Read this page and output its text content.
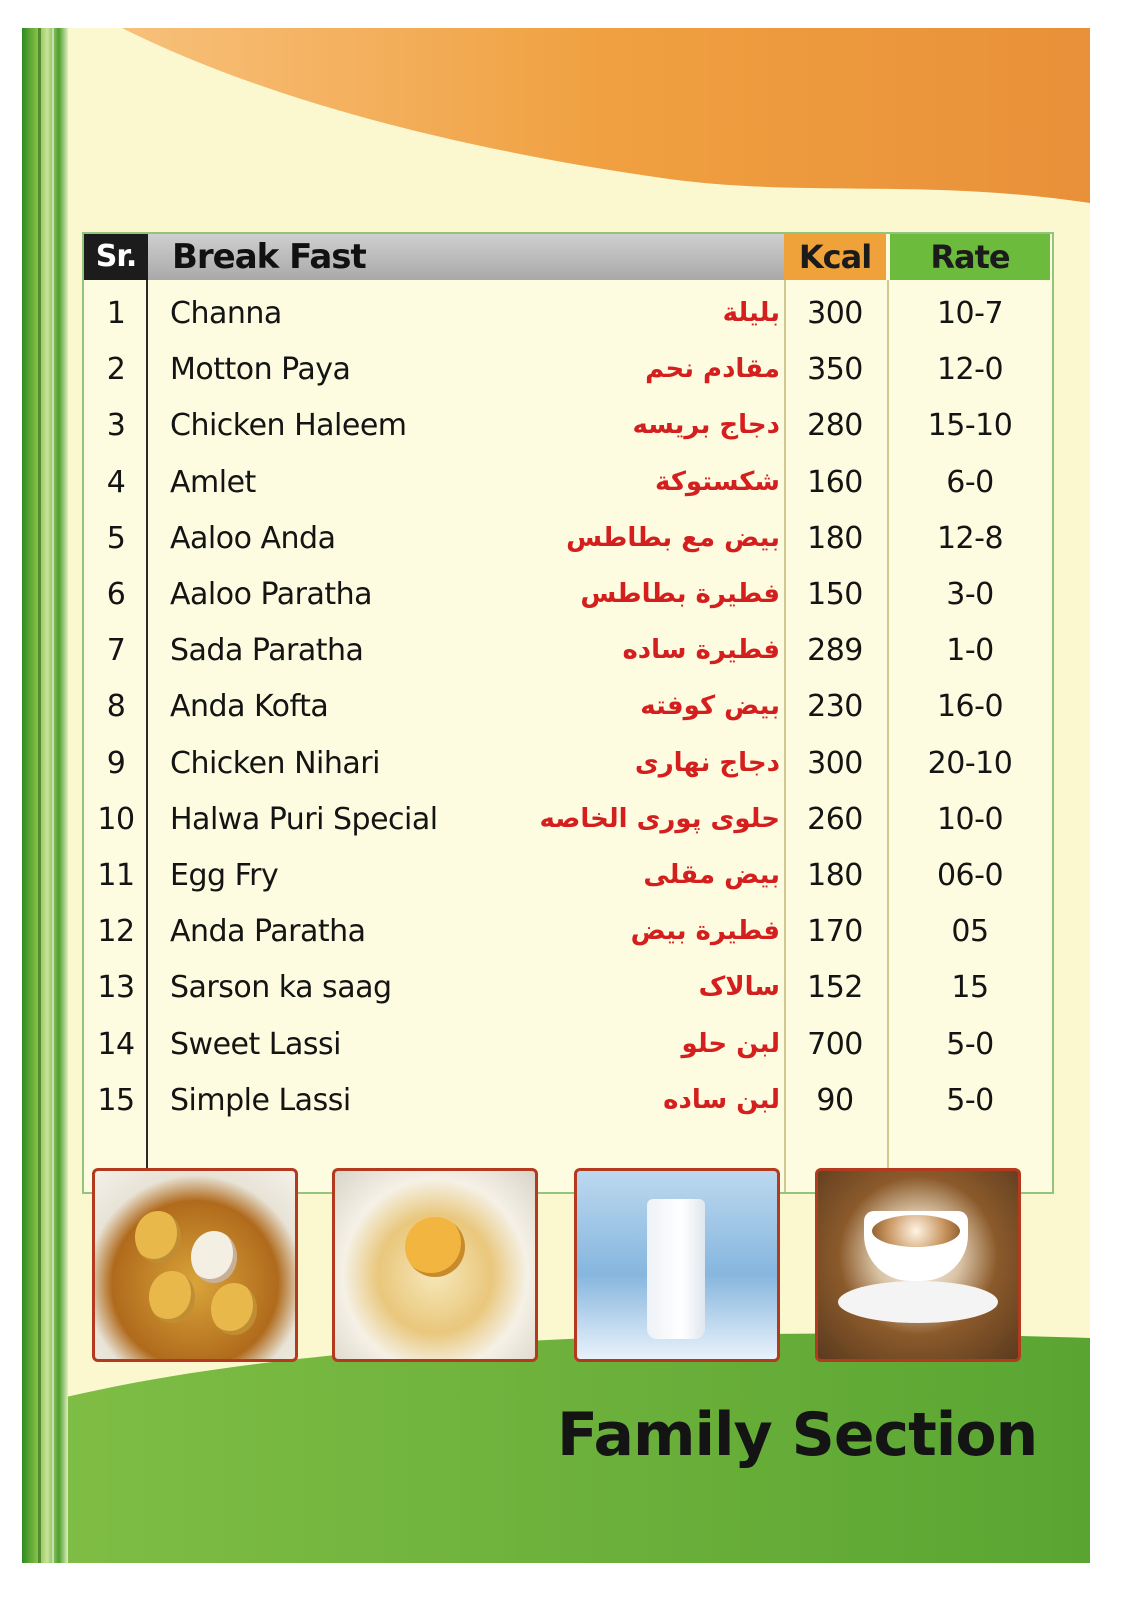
Sr.	Break Fast	Kcal	Rate
1	Channa	بليلة 300	10-7
2	Motton Paya	مقادم نحم 350	12-0
3	Chicken Haleem	دجاج بريسه 280	15-10
4	Amlet	شكستوكة 160	6-0
5	Aaloo Anda	بيض مع بطاطس 180	12-8
6	Aaloo Paratha	فطيرة بطاطس 150	3-0
7	Sada Paratha	فطيرة ساده 289	1-0
8	Anda Kofta	بيض كوفته 230	16-0
9	Chicken Nihari	دجاج نهاری 300	20-10
10	Halwa Puri Special	حلوی پوری الخاصه 260	10-0
11	Egg Fry	بيض مقلی 180	06-0
12	Anda Paratha	فطيرة بيض 170	05
13	Sarson ka saag	سالاک 152	15
14	Sweet Lassi	لبن حلو 700	5-0
15	Simple Lassi	لبن ساده	90	5-0
Family Section
